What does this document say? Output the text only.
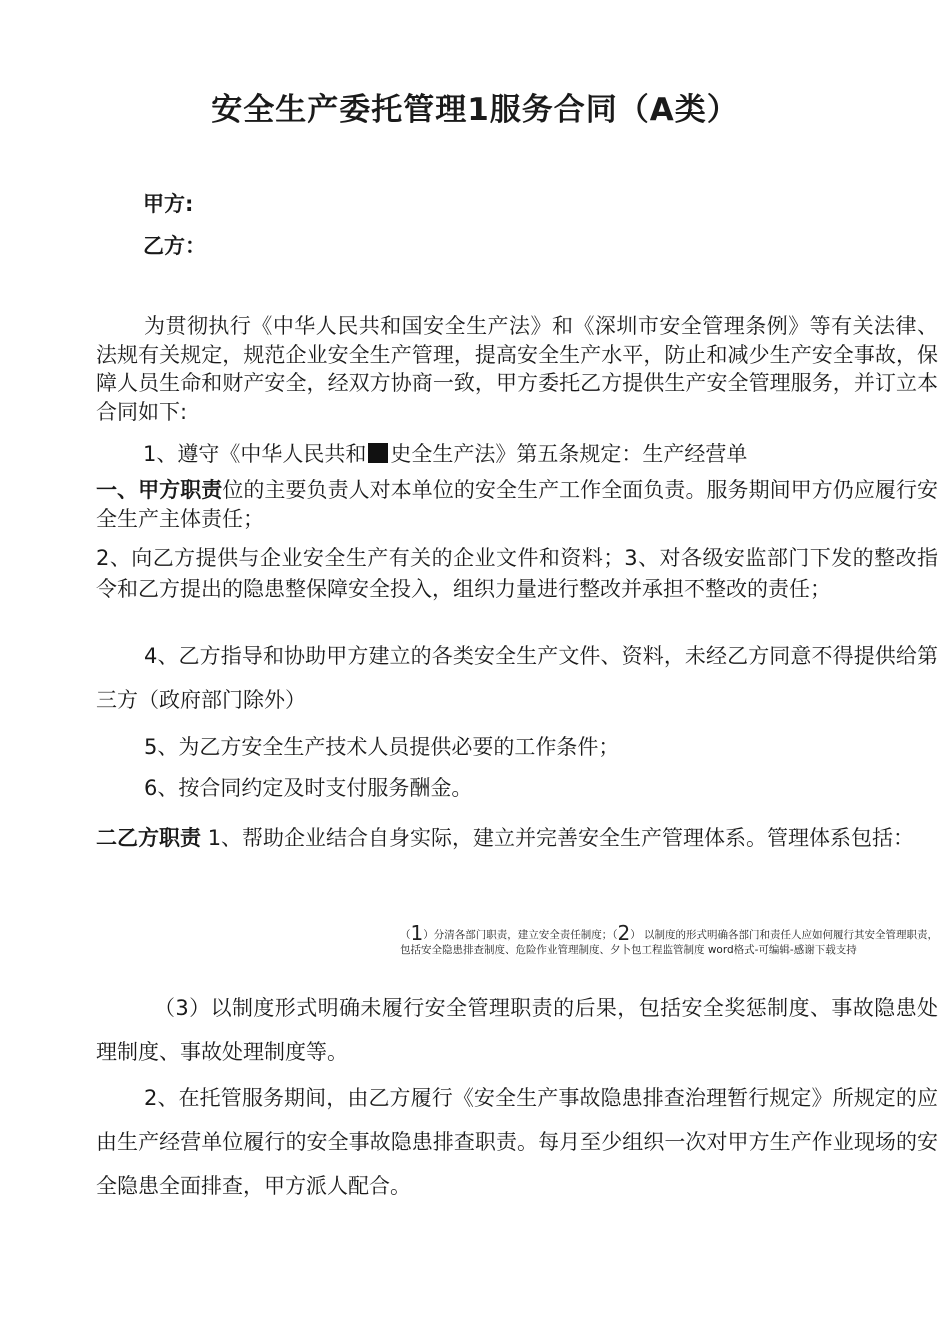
安全生产委托管理1服务合同（A类）

甲方:

乙方：

为贯彻执行《中华人民共和国安全生产法》和《深圳市安全管理条例》等有关法律、法规有关规定，规范企业安全生产管理，提高安全生产水平，防止和减少生产安全事故，保障人员生命和财产安全，经双方协商一致，甲方委托乙方提供生产安全管理服务，并订立本合同如下:

1、遵守《中华人民共和 史全生产法》第五条规定：生产经营单

一、甲方职责位的主要负责人对本单位的安全生产工作全面负责。服务期间甲方仍应履行安全生产主体责任；

2、向乙方提供与企业安全生产有关的企业文件和资料；3、对各级安监部门下发的整改指令和乙方提出的隐患整保障安全投入，组织力量进行整改并承担不整改的责任；

4、乙方指导和协助甲方建立的各类安全生产文件、资料，未经乙方同意不得提供给第三方（政府部门除外）

5、为乙方安全生产技术人员提供必要的工作条件；

6、按合同约定及时支付服务酬金。

二乙方职责 1、帮助企业结合自身实际，建立并完善安全生产管理体系。管理体系包括：

（1）分清各部门职责，建立安全责任制度；（2） 以制度的形式明确各部门和责任人应如何履行其安全管理职责，包括安全隐患排查制度、危险作业管理制度、夕卜包工程监管制度 word格式-可编辑-感谢下载支持

（3）以制度形式明确未履行安全管理职责的后果，包括安全奖惩制度、事故隐患处理制度、事故处理制度等。

2、在托管服务期间，由乙方履行《安全生产事故隐患排查治理暂行规定》所规定的应由生产经营单位履行的安全事故隐患排查职责。每月至少组织一次对甲方生产作业现场的安全隐患全面排查，甲方派人配合。
